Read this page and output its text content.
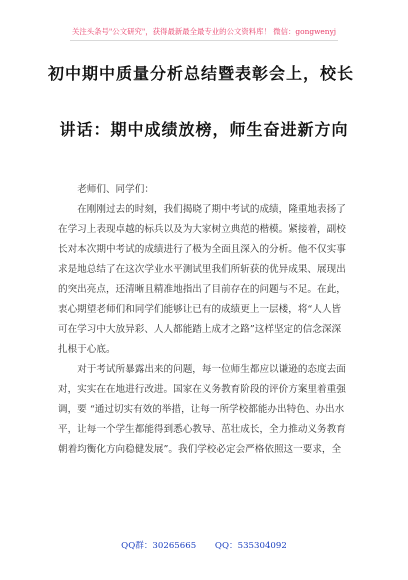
关注头条号"公文研究"，获得最新最全最专业的公文资料库！ 微信：gongwenyj
初中期中质量分析总结暨表彰会上，校长
讲话：期中成绩放榜，师生奋进新方向

  老师们、同学们：

  在刚刚过去的时刻，我们揭晓了期中考试的成绩，隆重地表扬了在学习上表现卓越的标兵以及为大家树立典范的楷模。紧接着，副校长对本次期中考试的成绩进行了极为全面且深入的分析。他不仅实事求是地总结了在这次学业水平测试里我们所斩获的优异成果、展现出的突出亮点，还清晰且精准地指出了目前存在的问题与不足。在此，衷心期望老师们和同学们能够让已有的成绩更上一层楼，将“人人皆可在学习中大放异彩、人人都能踏上成才之路”这样坚定的信念深深扎根于心底。

  对于考试所暴露出来的问题，每一位师生都应以谦逊的态度去面对，实实在在地进行改进。国家在义务教育阶段的评价方案里着重强调，要 “通过切实有效的举措，让每一所学校都能办出特色、办出水平，让每一个学生都能得到悉心教导、茁壮成长，全力推动义务教育朝着均衡化方向稳健发展”。我们学校必定会严格依照这一要求，全

QQ群：30265665 QQ：535304092
